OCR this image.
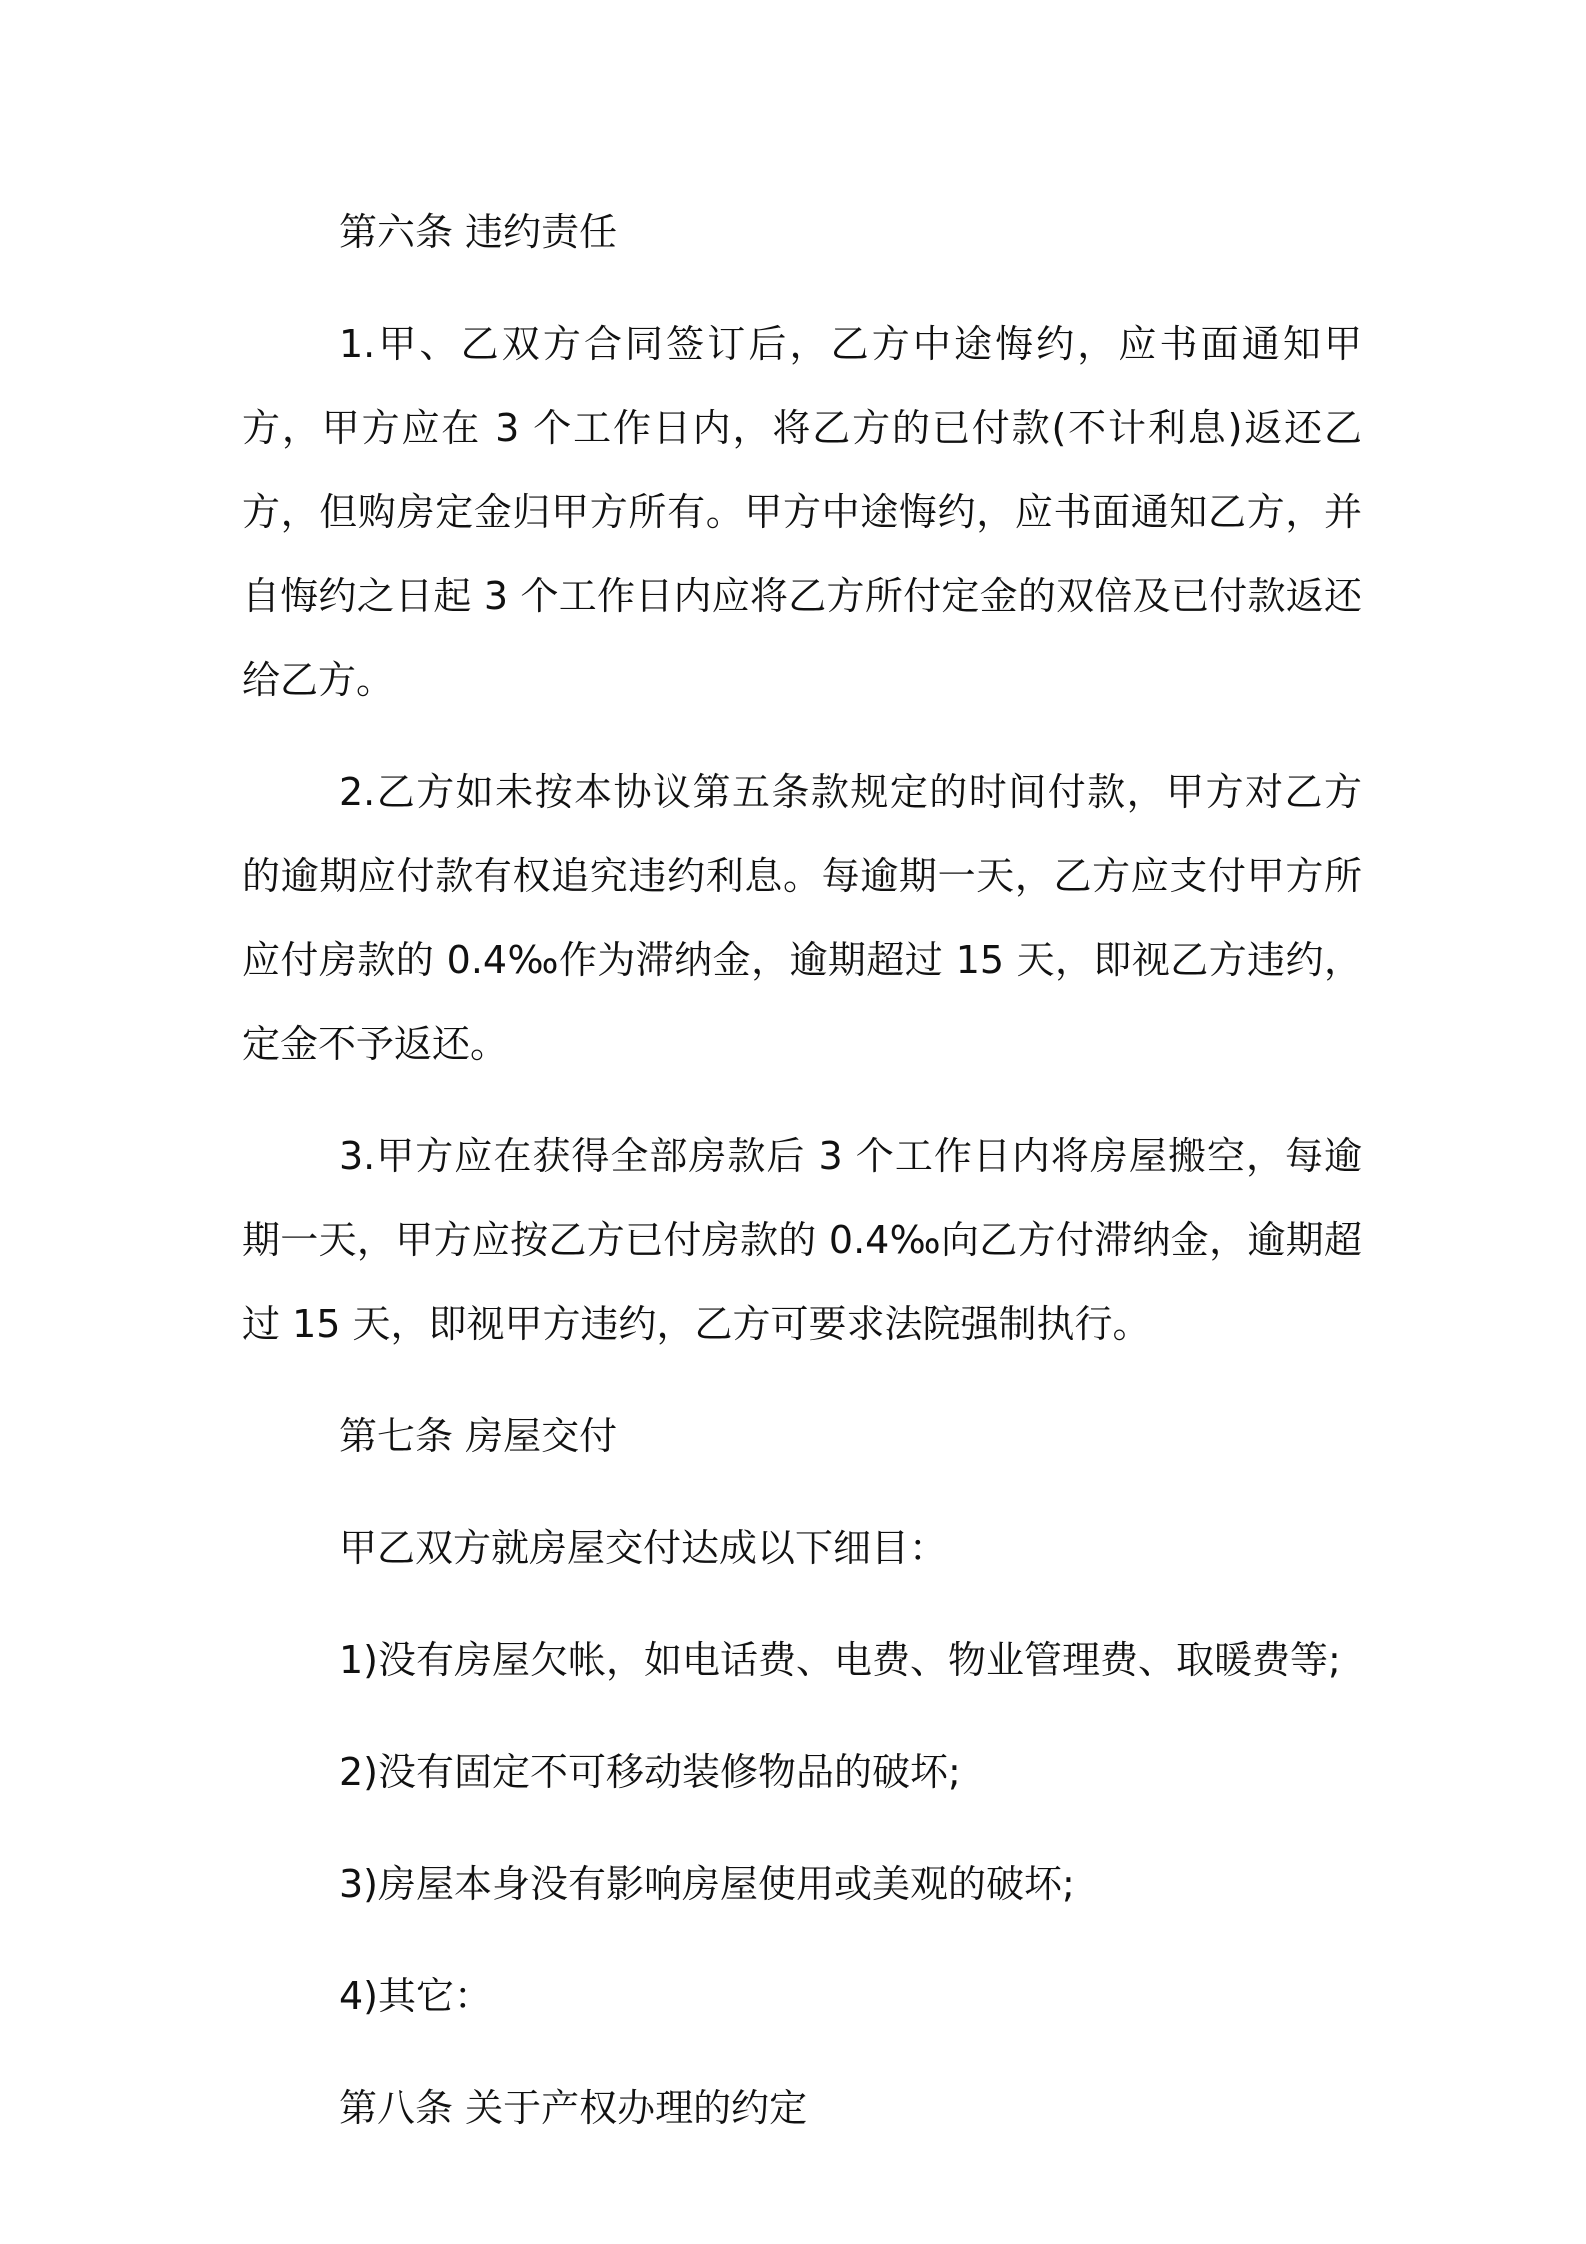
第六条 违约责任

1.甲、乙双方合同签订后，乙方中途悔约，应书面通知甲方，甲方应在 3 个工作日内，将乙方的已付款(不计利息)返还乙方，但购房定金归甲方所有。甲方中途悔约，应书面通知乙方，并自悔约之日起 3 个工作日内应将乙方所付定金的双倍及已付款返还给乙方。

2.乙方如未按本协议第五条款规定的时间付款，甲方对乙方的逾期应付款有权追究违约利息。每逾期一天，乙方应支付甲方所应付房款的 0.4‰作为滞纳金，逾期超过 15 天，即视乙方违约，定金不予返还。

3.甲方应在获得全部房款后 3 个工作日内将房屋搬空，每逾期一天，甲方应按乙方已付房款的 0.4‰向乙方付滞纳金，逾期超过 15 天，即视甲方违约，乙方可要求法院强制执行。

第七条 房屋交付

甲乙双方就房屋交付达成以下细目：

1)没有房屋欠帐，如电话费、电费、物业管理费、取暖费等;

2)没有固定不可移动装修物品的破坏;

3)房屋本身没有影响房屋使用或美观的破坏;

4)其它：

第八条 关于产权办理的约定
